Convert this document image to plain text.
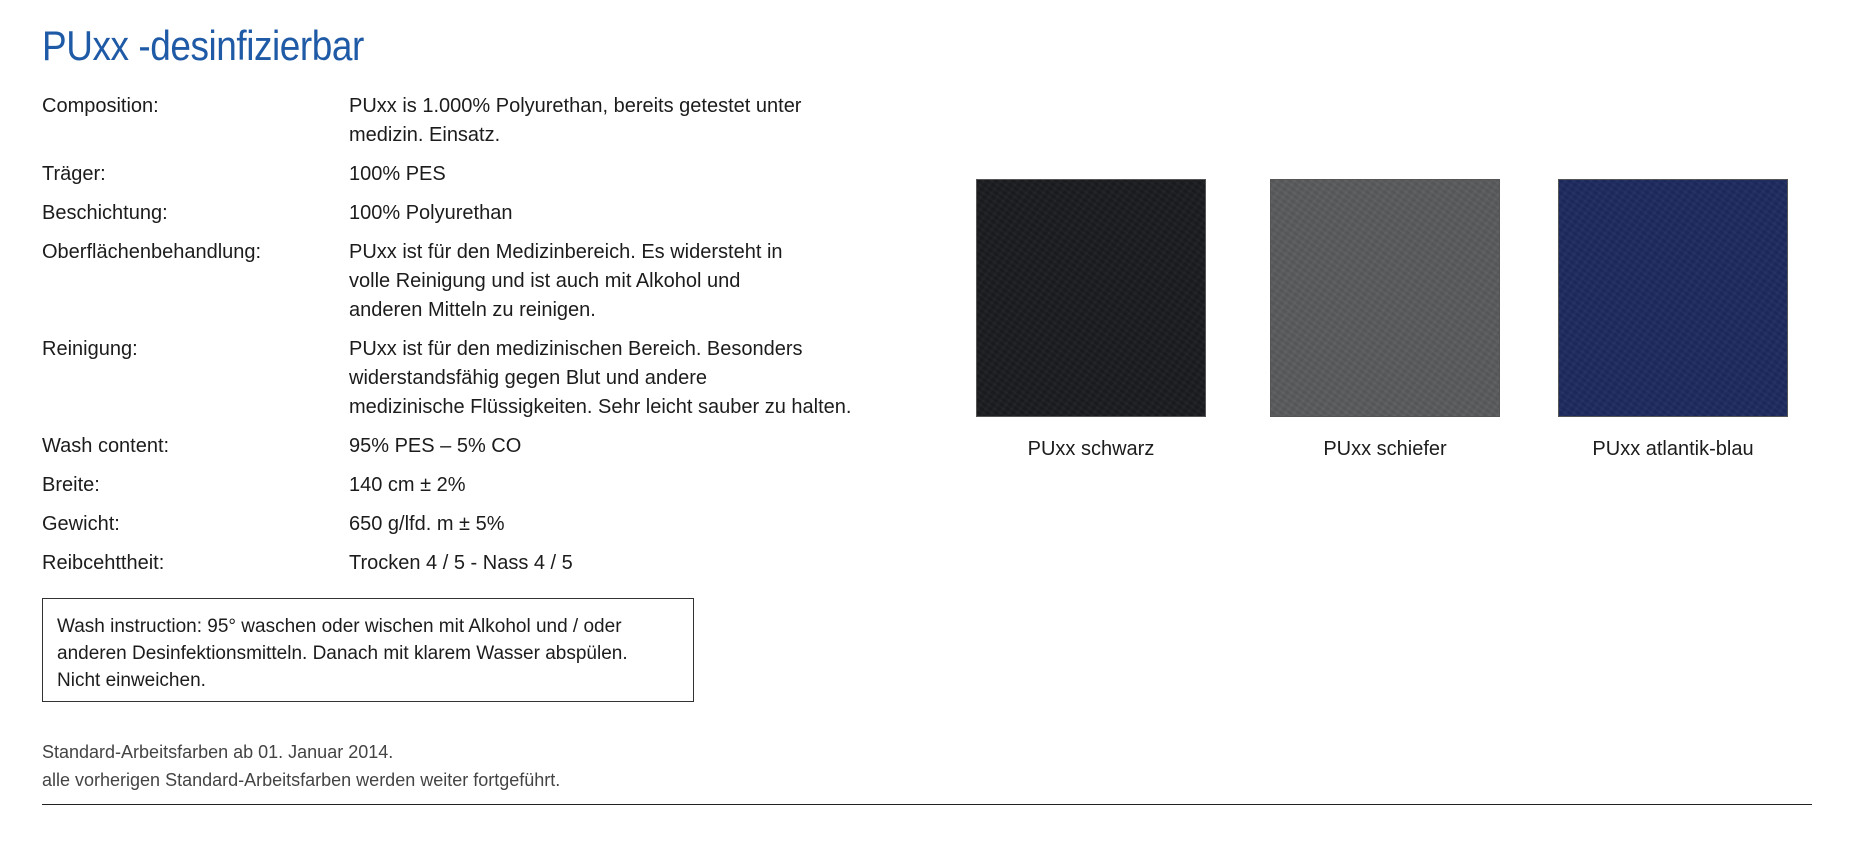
PUxx -desinfizierbar
Composition:	PUxx is 1.000% Polyurethan, bereits getestet unter
medizin. Einsatz.
Träger:	100% PES
Beschichtung:	100% Polyurethan
Oberflächenbehandlung:	PUxx ist für den Medizinbereich. Es widersteht in
volle Reinigung und ist auch mit Alkohol und
anderen Mitteln zu reinigen.
Reinigung:	PUxx ist für den medizinischen Bereich. Besonders
widerstandsfähig gegen Blut und andere
medizinische Flüssigkeiten. Sehr leicht sauber zu halten.
Wash content:	95% PES – 5% CO
Breite:	140 cm ± 2%
Gewicht:	650 g/lfd. m ± 5%
Reibcehttheit:	Trocken 4 / 5 - Nass 4 / 5
Wash instruction: 95° waschen oder wischen mit Alkohol und / oder
anderen Desinfektionsmitteln. Danach mit klarem Wasser abspülen.
Nicht einweichen.
Standard-Arbeitsfarben ab 01. Januar 2014.
alle vorherigen Standard-Arbeitsfarben werden weiter fortgeführt.
PUxx schwarz	PUxx schiefer	PUxx atlantik-blau
